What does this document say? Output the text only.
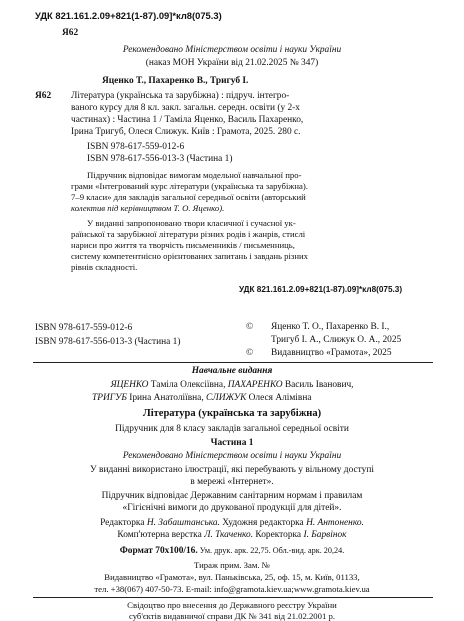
УДК 821.161.2.09+821(1-87).09]*кл8(075.3)
Я62
Рекомендовано Міністерством освіти і науки України
(наказ МОН України від 21.02.2025 № 347)
Яценко Т., Пахаренко В., Тригуб І.
Я62 Література (українська та зарубіжна) : підруч. інтегро-
ваного курсу для 8 кл. закл. загальн. середн. освіти (у 2-х
частинах) : Частина 1 / Тамiла Яценко, Василь Пахаренко,
Ірина Тригуб, Олеся Слижук. Київ : Грамота, 2025. 280 с.
ISBN 978-617-559-012-6
ISBN 978-617-556-013-3 (Частина 1)
Підручник відповідає вимогам модельної навчальної про-
грами «Інтегрований курс літератури (українська та зарубіжна).
7–9 класи» для закладів загальної середньої освіти (авторський
колектив під керівництвом Т. О. Яценко).
У виданні запропоновано твори класичної і сучасної ук-
раїнської та зарубіжної літератури різних родів і жанрів, стислі
нариси про життя та творчість письменників / письменниць,
систему компетентнісно орієнтованих запитань і завдань різних
рівнів складності.
УДК 821.161.2.09+821(1-87).09]*кл8(075.3)
ISBN 978-617-559-012-6
ISBN 978-617-556-013-3 (Частина 1)
© Яценко Т. О., Пахаренко В. І.,
Тригуб І. А., Слижук О. А., 2025
© Видавництво «Грамота», 2025
Навчальне видання
ЯЦЕНКО Тамiла Олексіївна, ПАХАРЕНКО Василь Іванович,
ТРИГУБ Ірина Анатоліївна, СЛИЖУК Олеся Алімівна
Література (українська та зарубіжна)
Підручник для 8 класу закладів загальної середньої освіти
Частина 1
Рекомендовано Міністерством освіти і науки України
У виданні використано ілюстрації, які перебувають у вільному доступі
в мережі «Інтернет».
Підручник відповідає Державним санітарним нормам і правилам
«Гігієнічні вимоги до друкованої продукції для дітей».
Редакторка Н. Забаштанська. Художня редакторка Н. Антоненко.
Комп'ютерна верстка Л. Ткаченко. Коректорка І. Барвінок
Формат 70x100/16. Ум. друк. арк. 22,75. Обл.-вид. арк. 20,24.
Тираж прим. Зам. №
Видавництво «Грамота», вул. Паньківська, 25, оф. 15, м. Київ, 01133,
тел. +38(067) 407-50-73. E-mail: info@gramota.kiev.ua;www.gramota.kiev.ua
Свідоцтво про внесення до Державного реєстру України
суб'єктів видавничої справи ДК № 341 від 21.02.2001 р.
